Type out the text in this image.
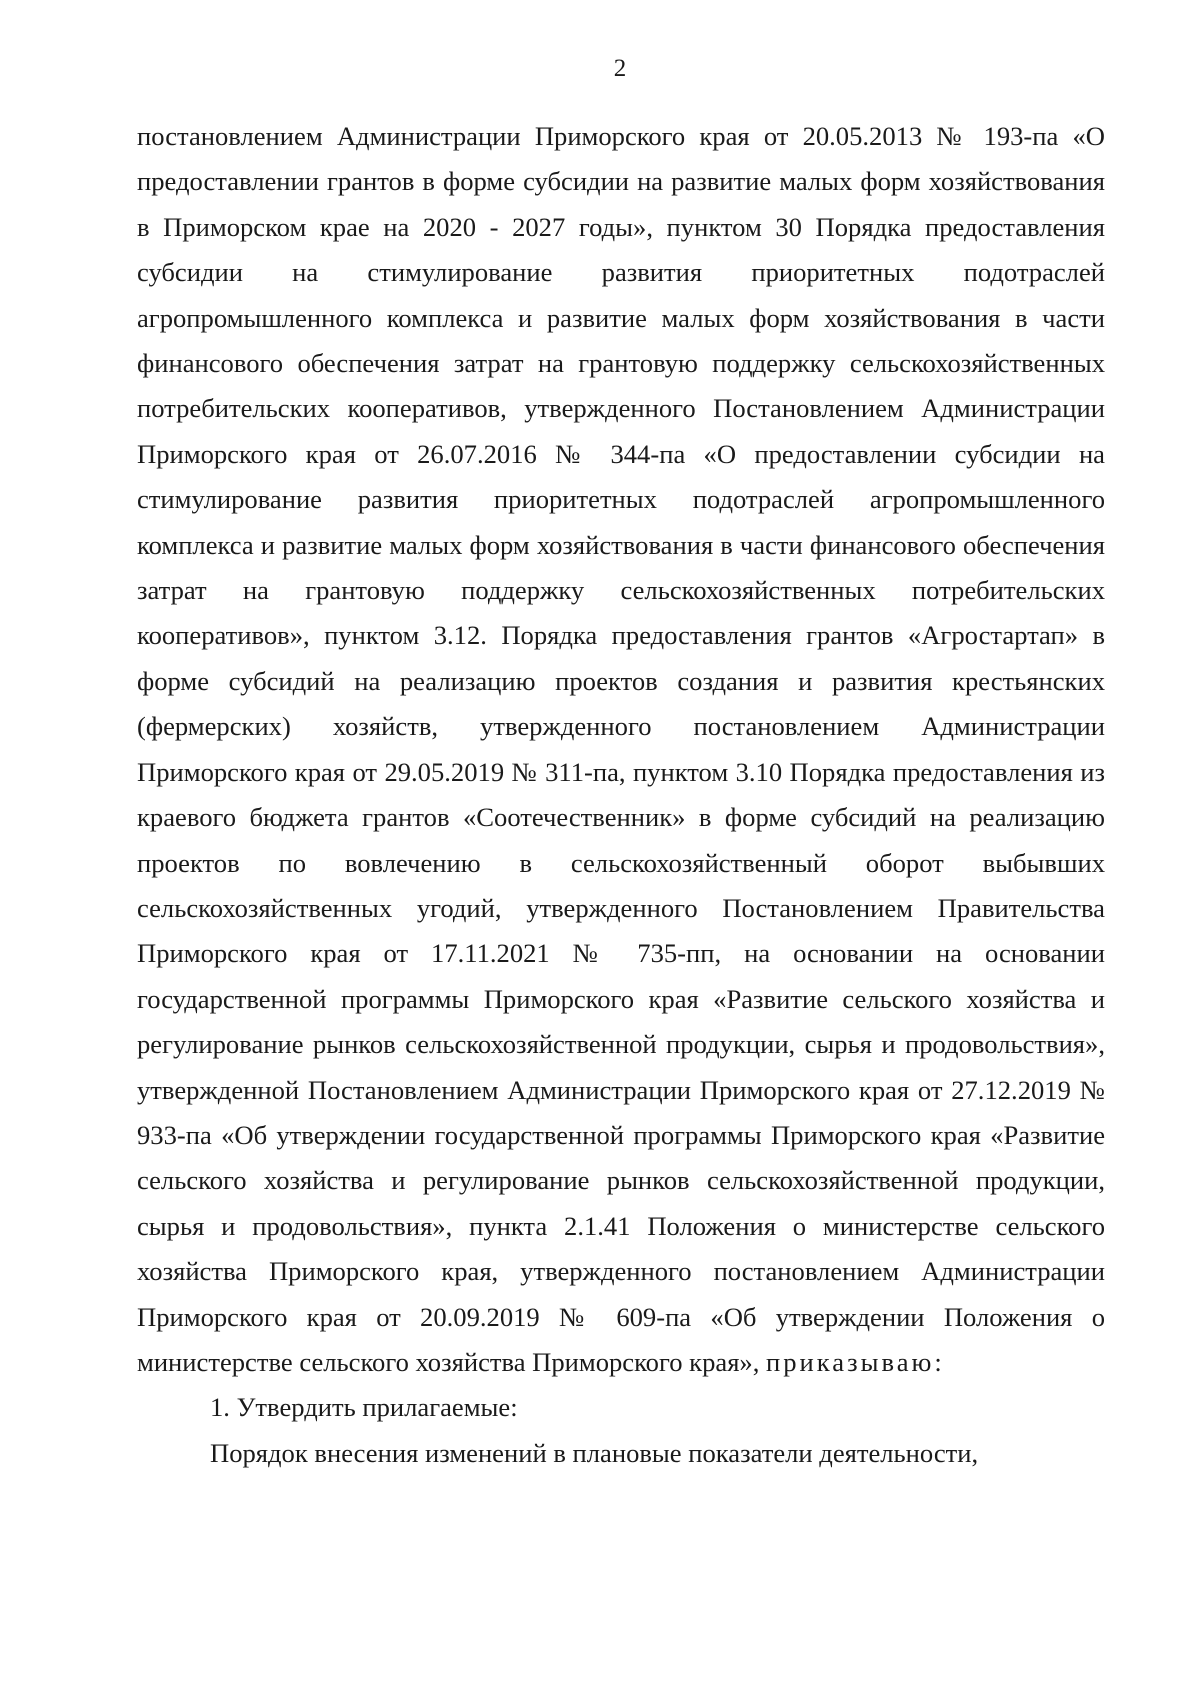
2

постановлением Администрации Приморского края от 20.05.2013 № 193-па «О предоставлении грантов в форме субсидии на развитие малых форм хозяйствования в Приморском крае на 2020 - 2027 годы», пунктом 30 Порядка предоставления субсидии на стимулирование развития приоритетных подотраслей агропромышленного комплекса и развитие малых форм хозяйствования в части финансового обеспечения затрат на грантовую поддержку сельскохозяйственных потребительских кооперативов, утвержденного Постановлением Администрации Приморского края от 26.07.2016 № 344-па «О предоставлении субсидии на стимулирование развития приоритетных подотраслей агропромышленного комплекса и развитие малых форм хозяйствования в части финансового обеспечения затрат на грантовую поддержку сельскохозяйственных потребительских кооперативов», пунктом 3.12. Порядка предоставления грантов «Агростартап» в форме субсидий на реализацию проектов создания и развития крестьянских (фермерских) хозяйств, утвержденного постановлением Администрации Приморского края от 29.05.2019 № 311-па, пунктом 3.10 Порядка предоставления из краевого бюджета грантов «Соотечественник» в форме субсидий на реализацию проектов по вовлечению в сельскохозяйственный оборот выбывших сельскохозяйственных угодий, утвержденного Постановлением Правительства Приморского края от 17.11.2021 № 735-пп, на основании на основании государственной программы Приморского края «Развитие сельского хозяйства и регулирование рынков сельскохозяйственной продукции, сырья и продовольствия», утвержденной Постановлением Администрации Приморского края от 27.12.2019 № 933-па «Об утверждении государственной программы Приморского края «Развитие сельского хозяйства и регулирование рынков сельскохозяйственной продукции, сырья и продовольствия», пункта 2.1.41 Положения о министерстве сельского хозяйства Приморского края, утвержденного постановлением Администрации Приморского края от 20.09.2019 № 609-па «Об утверждении Положения о министерстве сельского хозяйства Приморского края», приказываю:

1. Утвердить прилагаемые:

Порядок внесения изменений в плановые показатели деятельности,
